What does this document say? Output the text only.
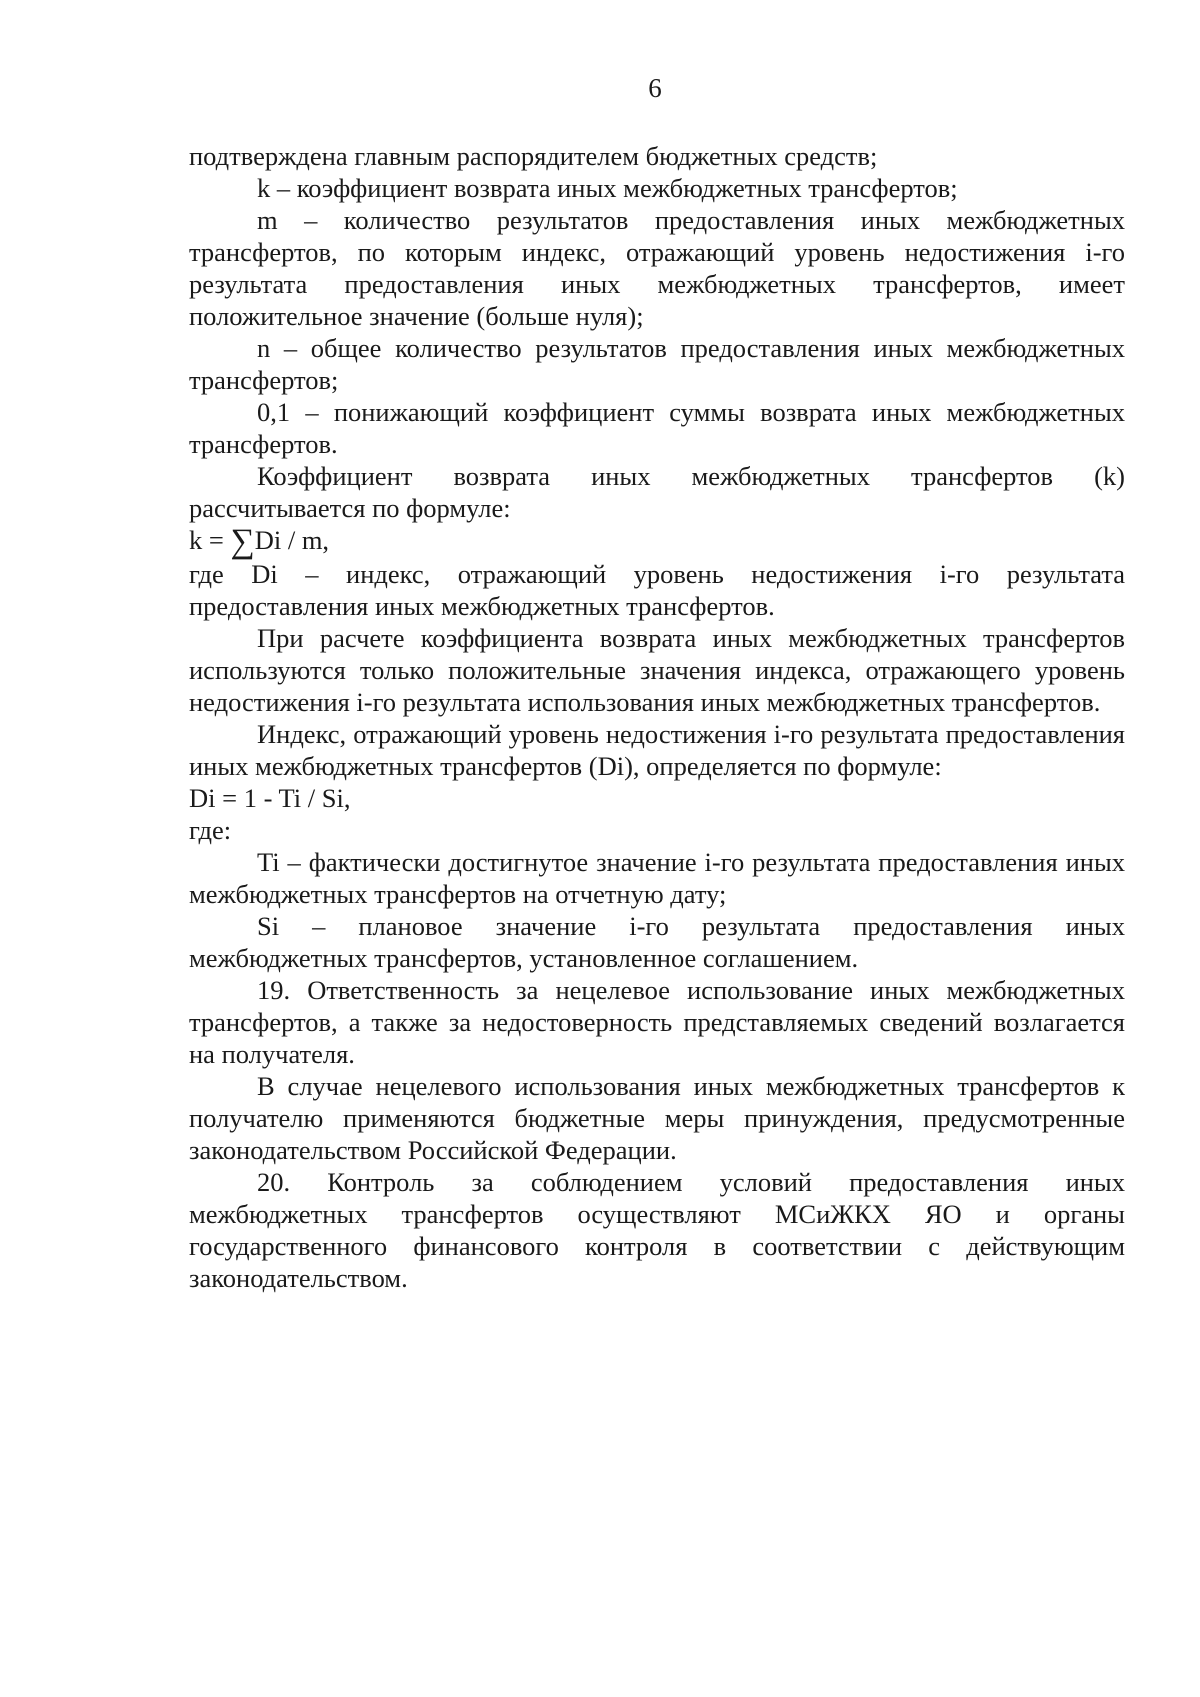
6

подтверждена главным распорядителем бюджетных средств;

k – коэффициент возврата иных межбюджетных трансфертов;

m – количество результатов предоставления иных межбюджетных трансфертов, по которым индекс, отражающий уровень недостижения i-го результата предоставления иных межбюджетных трансфертов, имеет положительное значение (больше нуля);

n – общее количество результатов предоставления иных межбюджетных трансфертов;

0,1 – понижающий коэффициент суммы возврата иных межбюджетных трансфертов.

Коэффициент возврата иных межбюджетных трансфертов (k) рассчитывается по формуле:

k = ∑Di / m,

где Di – индекс, отражающий уровень недостижения i-го результата предоставления иных межбюджетных трансфертов.

При расчете коэффициента возврата иных межбюджетных трансфертов используются только положительные значения индекса, отражающего уровень недостижения i-го результата использования иных межбюджетных трансфертов.

Индекс, отражающий уровень недостижения i-го результата предоставления иных межбюджетных трансфертов (Di), определяется по формуле:

Di = 1 - Ti / Si,

где:

Ti – фактически достигнутое значение i-го результата предоставления иных межбюджетных трансфертов на отчетную дату;

Si – плановое значение i-го результата предоставления иных межбюджетных трансфертов, установленное соглашением.

19. Ответственность за нецелевое использование иных межбюджетных трансфертов, а также за недостоверность представляемых сведений возлагается на получателя.

В случае нецелевого использования иных межбюджетных трансфертов к получателю применяются бюджетные меры принуждения, предусмотренные законодательством Российской Федерации.

20. Контроль за соблюдением условий предоставления иных межбюджетных трансфертов осуществляют МСиЖКХ ЯО и органы государственного финансового контроля в соответствии с действующим законодательством.
